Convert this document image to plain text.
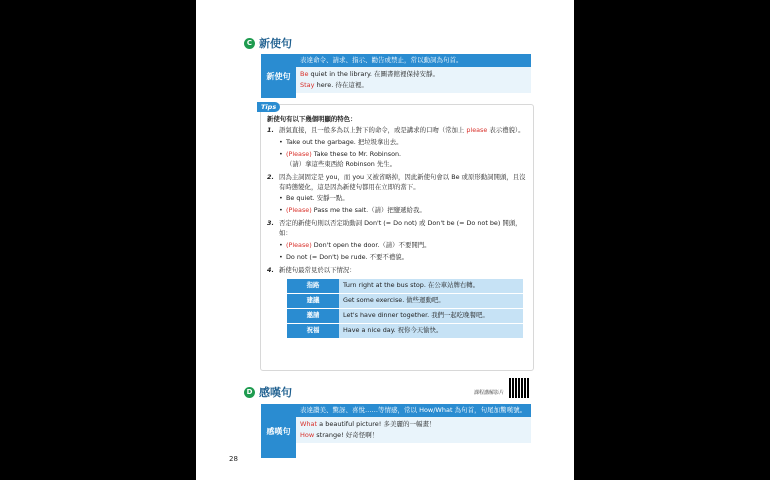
C 新使句
新使句
表達命令、請求、指示、勸告或禁止，常以動詞為句首。
Be quiet in the library. 在圖書館裡保持安靜。
Stay here. 待在這裡。
Tips
新使句有以下幾個明顯的特色：
1. 語氣直接，且一般多為以上對下的命令，或是講求的口吻（常加上 please 表示禮貌）。
• Take out the garbage. 把垃圾拿出去。
• (Please) Take these to Mr. Robinson.
（請）拿這些東西給 Robinson 先生。
2. 因為主詞固定是 you，而 you 又被省略掉，因此新使句會以 Be 或原形動詞開頭，且沒有時態變化，這是因為新使句都用在立即的當下。
• Be quiet. 安靜一點。
• (Please) Pass me the salt.（請）把鹽遞給我。
3. 否定的新使句則以否定助動詞 Don't (= Do not) 或 Don't be (= Do not be) 開頭，如：
• (Please) Don't open the door.（請）不要開門。
• Do not (= Don't) be rude. 不要不禮貌。
4. 新使句最常見於以下情況：
指路	Turn right at the bus stop. 在公車站牌右轉。
建議	Get some exercise. 做些運動吧。
邀請	Let's have dinner together. 我們一起吃晚餐吧。
祝福	Have a nice day. 祝你今天愉快。
D 感嘆句	課程講解影片
感嘆句
表達讚美、驚訝、喜悅……等情感，常以 How/What 為句首，句尾加驚嘆號。
What a beautiful picture! 多美麗的一幅畫！
How strange! 好奇怪啊！
28
